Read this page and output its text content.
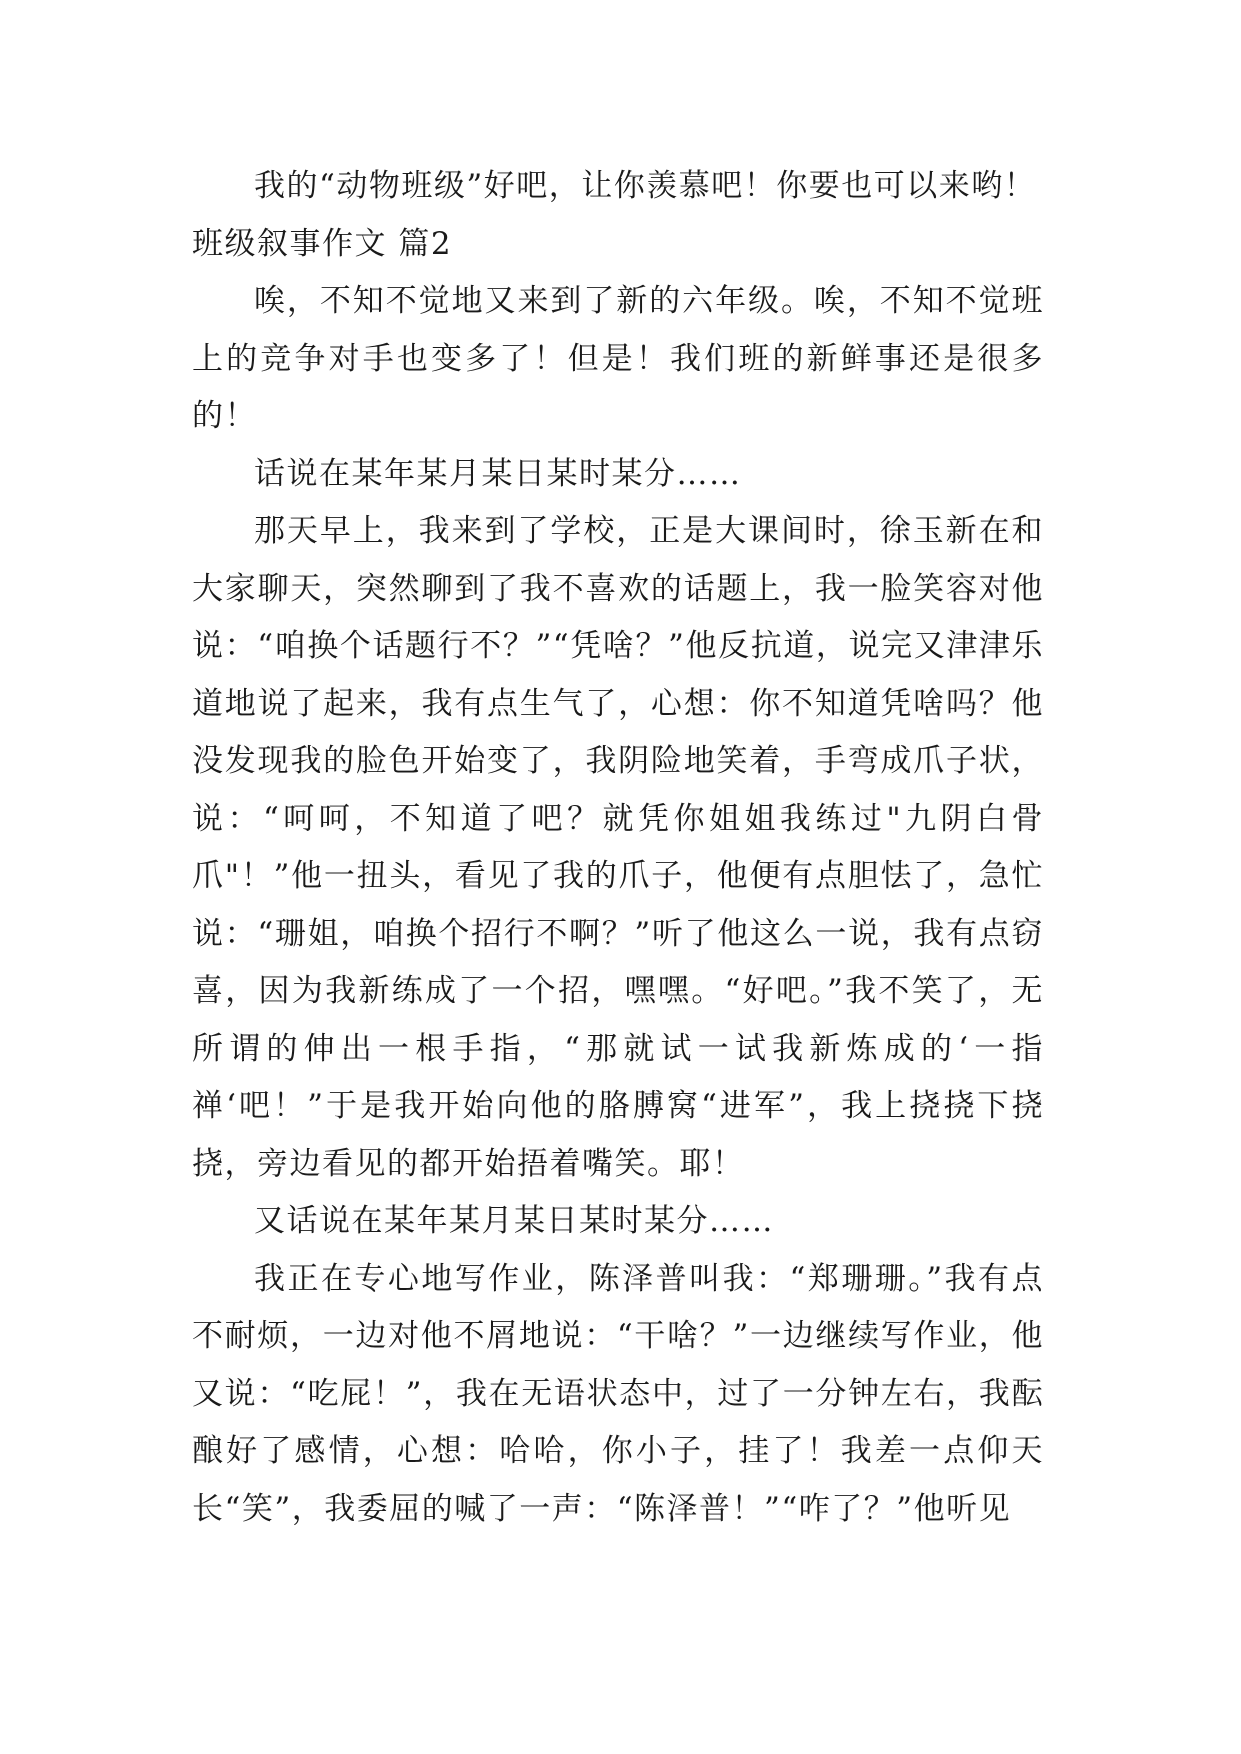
我的“动物班级”好吧，让你羡慕吧！你要也可以来哟！

班级叙事作文 篇2

唉，不知不觉地又来到了新的六年级。唉，不知不觉班上的竞争对手也变多了！但是！我们班的新鲜事还是很多的！

话说在某年某月某日某时某分……

那天早上，我来到了学校，正是大课间时，徐玉新在和大家聊天，突然聊到了我不喜欢的话题上，我一脸笑容对他说：“咱换个话题行不？”“凭啥？”他反抗道，说完又津津乐道地说了起来，我有点生气了，心想：你不知道凭啥吗？他没发现我的脸色开始变了，我阴险地笑着，手弯成爪子状，说：“呵呵，不知道了吧？就凭你姐姐我练过"九阴白骨爪"！”他一扭头，看见了我的爪子，他便有点胆怯了，急忙说：“珊姐，咱换个招行不啊？”听了他这么一说，我有点窃喜，因为我新练成了一个招，嘿嘿。“好吧。”我不笑了，无所谓的伸出一根手指，“那就试一试我新炼成的‘一指禅‘吧！”于是我开始向他的胳膊窝“进军”，我上挠挠下挠挠，旁边看见的都开始捂着嘴笑。耶！

又话说在某年某月某日某时某分……

我正在专心地写作业，陈泽普叫我：“郑珊珊。”我有点不耐烦，一边对他不屑地说：“干啥？”一边继续写作业，他又说：“吃屁！”，我在无语状态中，过了一分钟左右，我酝酿好了感情，心想：哈哈，你小子，挂了！我差一点仰天长“笑”，我委屈的喊了一声：“陈泽普！”“咋了？”他听见
